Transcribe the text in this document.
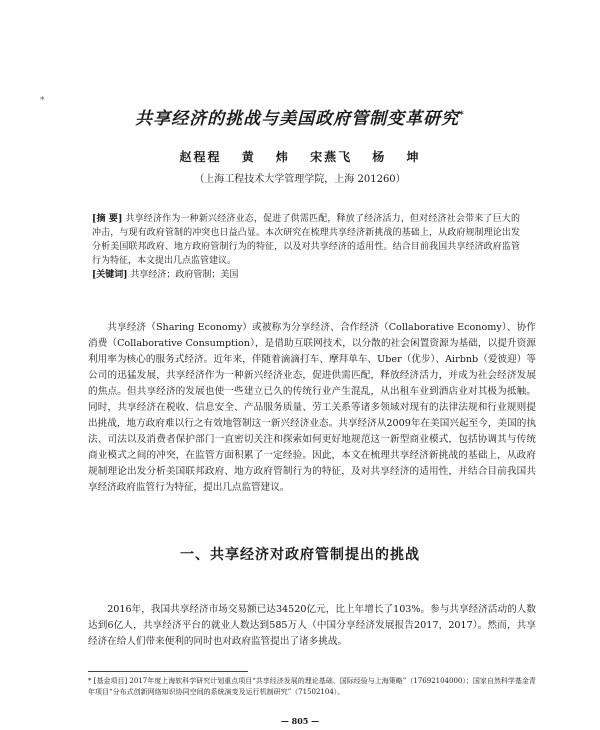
*
共享经济的挑战与美国政府管制变革研究*
赵程程 黄 炜 宋燕飞 杨 坤
（上海工程技术大学管理学院，上海 201260）
[摘 要] 共享经济作为一种新兴经济业态，促进了供需匹配，释放了经济活力，但对经济社会带来了巨大的冲击，与现有政府管制的冲突也日益凸显。本次研究在梳理共享经济新挑战的基础上，从政府规制理论出发分析美国联邦政府、地方政府管制行为的特征，以及对共享经济的适用性。结合目前我国共享经济政府监管行为特征，本文提出几点监管建议。
[关键词] 共享经济；政府管制；美国

共享经济（Sharing Economy）或被称为分享经济、合作经济（Collaborative Economy）、协作消费（Collaborative Consumption），是借助互联网技术，以分散的社会闲置资源为基础，以提升资源利用率为核心的服务式经济。近年来，伴随着滴滴打车、摩拜单车、Uber（优步）、Airbnb（爱彼迎）等公司的迅猛发展，共享经济作为一种新兴经济业态，促进供需匹配，释放经济活力，并成为社会经济发展的焦点。但共享经济的发展也使一些建立已久的传统行业产生混乱，从出租车业到酒店业对其极为抵触。同时，共享经济在税收、信息安全、产品服务质量、劳工关系等诸多领域对现有的法律法规和行业规则提出挑战，地方政府难以行之有效地管制这一新兴经济业态。共享经济从2009年在美国兴起至今，美国的执法、司法以及消费者保护部门一直密切关注和探索如何更好地规范这一新型商业模式，包括协调其与传统商业模式之间的冲突，在监管方面积累了一定经验。因此，本文在梳理共享经济新挑战的基础上，从政府规制理论出发分析美国联邦政府、地方政府管制行为的特征，及对共享经济的适用性，并结合目前我国共享经济政府监管行为特征，提出几点监管建议。

一、共享经济对政府管制提出的挑战

2016年，我国共享经济市场交易额已达34520亿元，比上年增长了103%。参与共享经济活动的人数达到6亿人，共享经济平台的就业人数达到585万人（中国分享经济发展报告2017，2017）。然而，共享经济在给人们带来便利的同时也对政府监管提出了诸多挑战。

* [基金项目] 2017年度上海软科学研究计划重点项目“共享经济发展的理论基础、国际经验与上海策略”（17692104000）；国家自然科学基金青年项目“分布式创新网络知识协同空间的系统演变及运行机制研究”（71502104）。
— 805 —
